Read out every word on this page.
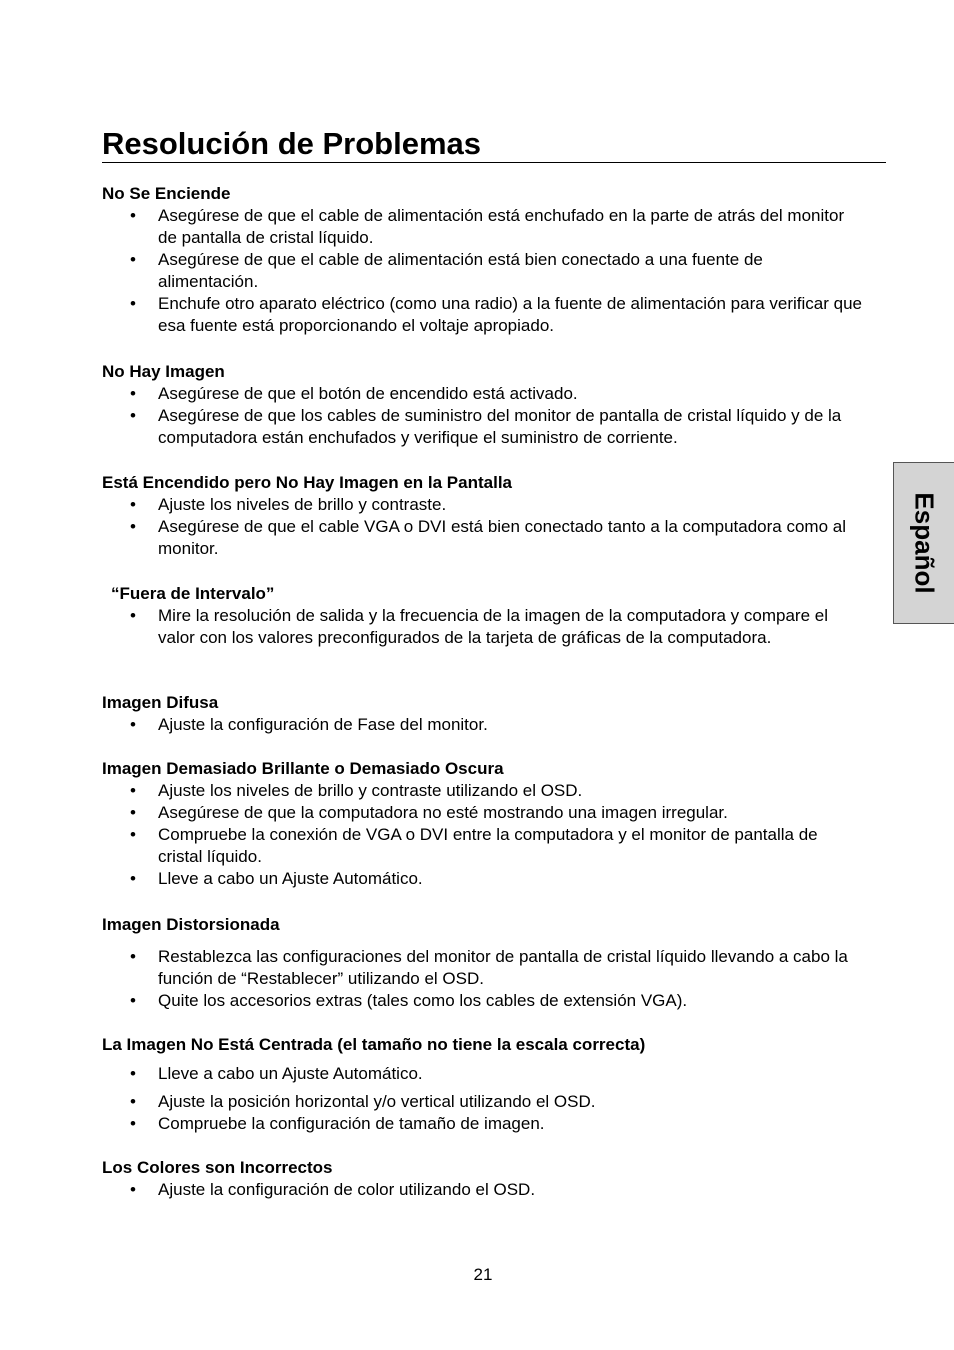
Resolución de Problemas
Español
No Se Enciende
• Asegúrese de que el cable de alimentación está enchufado en la parte de atrás del monitor de pantalla de cristal líquido.
• Asegúrese de que el cable de alimentación está bien conectado a una fuente de alimentación.
• Enchufe otro aparato eléctrico (como una radio) a la fuente de alimentación para verificar que esa fuente está proporcionando el voltaje apropiado.
No Hay Imagen
• Asegúrese de que el botón de encendido está activado.
• Asegúrese de que los cables de suministro del monitor de pantalla de cristal líquido y de la computadora están enchufados y verifique el suministro de corriente.
Está Encendido pero No Hay Imagen en la Pantalla
• Ajuste los niveles de brillo y contraste.
• Asegúrese de que el cable VGA o DVI está bien conectado tanto a la computadora como al monitor.
“Fuera de Intervalo”
• Mire la resolución de salida y la frecuencia de la imagen de la computadora y compare el valor con los valores preconfigurados de la tarjeta de gráficas de la computadora.
Imagen Difusa
• Ajuste la configuración de Fase del monitor.
Imagen Demasiado Brillante o Demasiado Oscura
• Ajuste los niveles de brillo y contraste utilizando el OSD.
• Asegúrese de que la computadora no esté mostrando una imagen irregular.
• Compruebe la conexión de VGA o DVI entre la computadora y el monitor de pantalla de cristal líquido.
• Lleve a cabo un Ajuste Automático.
Imagen Distorsionada
• Restablezca las configuraciones del monitor de pantalla de cristal líquido llevando a cabo la función de “Restablecer” utilizando el OSD.
• Quite los accesorios extras (tales como los cables de extensión VGA).
La Imagen No Está Centrada (el tamaño no tiene la escala correcta)
• Lleve a cabo un Ajuste Automático.
• Ajuste la posición horizontal y/o vertical utilizando el OSD.
• Compruebe la configuración de tamaño de imagen.
Los Colores son Incorrectos
• Ajuste la configuración de color utilizando el OSD.
21
